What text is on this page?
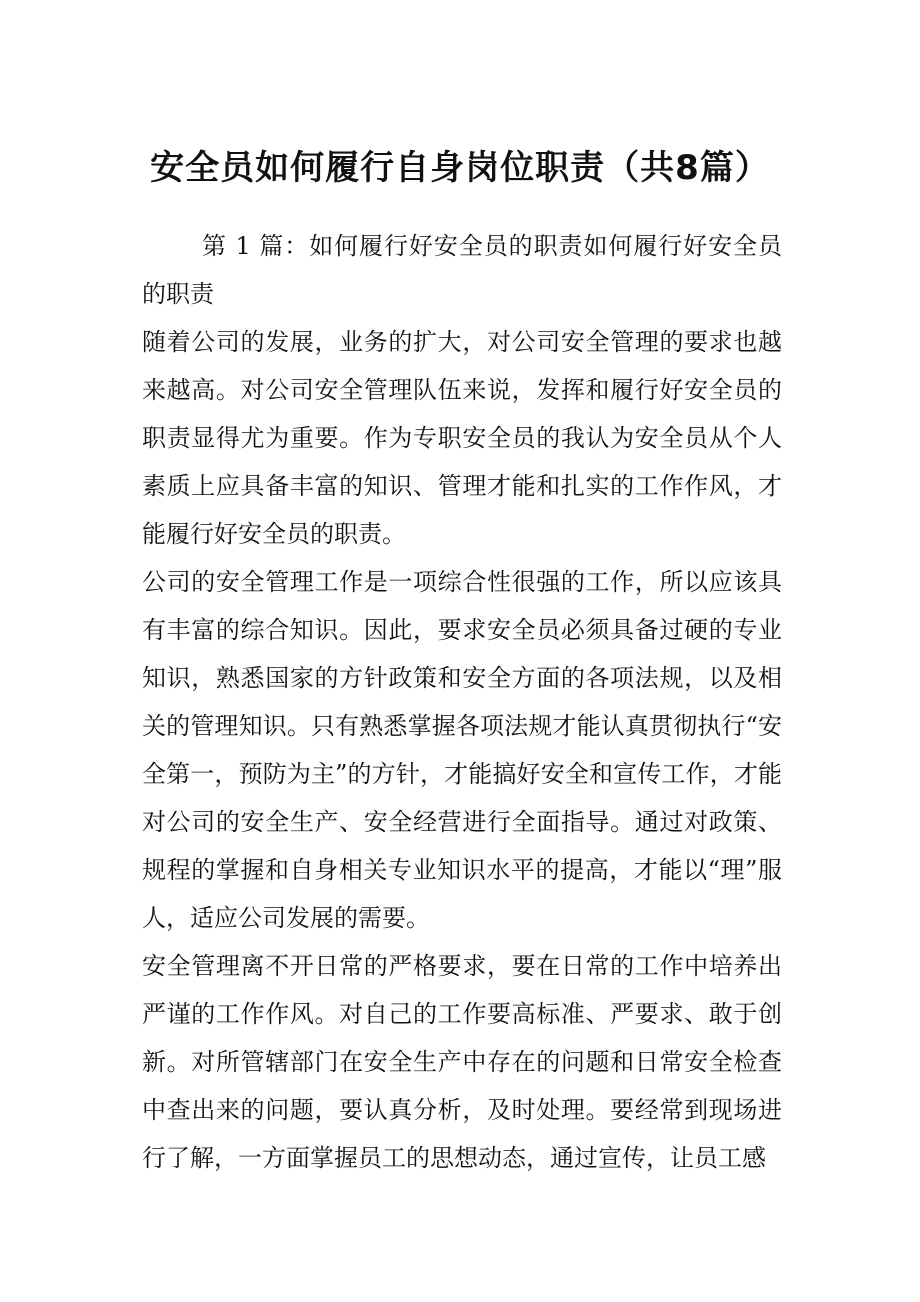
安全员如何履行自身岗位职责（共8篇）

第 1 篇：如何履行好安全员的职责如何履行好安全员的职责

随着公司的发展，业务的扩大，对公司安全管理的要求也越来越高。对公司安全管理队伍来说，发挥和履行好安全员的职责显得尤为重要。作为专职安全员的我认为安全员从个人素质上应具备丰富的知识、管理才能和扎实的工作作风，才能履行好安全员的职责。

公司的安全管理工作是一项综合性很强的工作，所以应该具有丰富的综合知识。因此，要求安全员必须具备过硬的专业知识，熟悉国家的方针政策和安全方面的各项法规，以及相关的管理知识。只有熟悉掌握各项法规才能认真贯彻执行“安全第一，预防为主”的方针，才能搞好安全和宣传工作，才能对公司的安全生产、安全经营进行全面指导。通过对政策、规程的掌握和自身相关专业知识水平的提高，才能以“理”服人，适应公司发展的需要。

安全管理离不开日常的严格要求，要在日常的工作中培养出严谨的工作作风。对自己的工作要高标准、严要求、敢于创新。对所管辖部门在安全生产中存在的问题和日常安全检查中查出来的问题，要认真分析，及时处理。要经常到现场进行了解，一方面掌握员工的思想动态，通过宣传，让员工感
